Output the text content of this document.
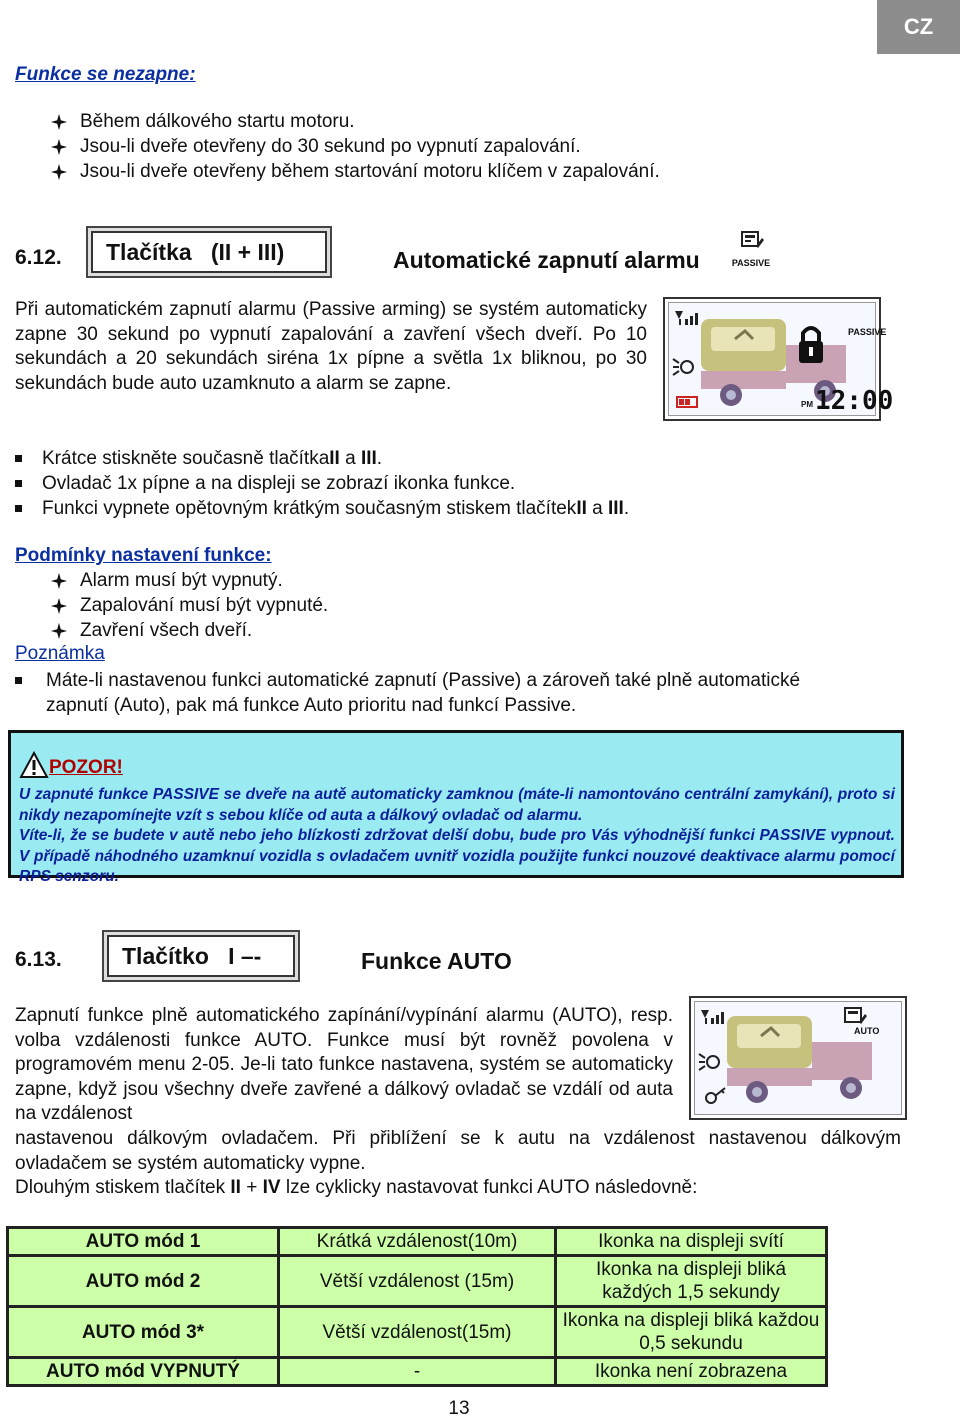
CZ
Funkce se nezapne:
Během dálkového startu motoru.
Jsou-li dveře otevřeny do 30 sekund po vypnutí zapalování.
Jsou-li dveře otevřeny během startování motoru klíčem v zapalování.
6.12. Tlačítka   (II + III)	Automatické zapnutí alarmu	PASSIVE
Při automatickém zapnutí alarmu (Passive arming) se systém automaticky zapne 30 sekund po vypnutí zapalování a zavření všech dveří. Po 10 sekundách a 20 sekundách siréna 1x pípne a světla 1x bliknou, po 30 sekundách bude auto uzamknuto a alarm se zapne.
PASSIVE
PM 12:00
Krátce stiskněte současně tlačítka II a III .
Ovladač 1x pípne a na displeji se zobrazí ikonka funkce.
Funkci vypnete opětovným krátkým současným stiskem tlačítek II a III .
Podmínky nastavení funkce:
Alarm musí být vypnutý.
Zapalování musí být vypnuté.
Zavření všech dveří.
Poznámka
Máte-li nastavenou funkci automatické zapnutí (Passive) a zároveň také plně automatické
zapnutí (Auto), pak má funkce Auto prioritu nad funkcí Passive.
POZOR!
U zapnuté funkce PASSIVE se dveře na autě automaticky zamknou (máte-li namontováno centrální zamykání), proto si nikdy nezapomínejte vzít s sebou klíče od auta a dálkový ovladač od alarmu.
Víte-li, že se budete v autě nebo jeho blízkosti zdržovat delší dobu, bude pro Vás výhodnější funkci PASSIVE vypnout. V případě náhodného uzamknuí vozidla s ovladačem uvnitř vozidla použijte funkci nouzové deaktivace alarmu pomocí RPS senzoru.
6.13.	Tlačítko   I –-	Funkce AUTO
Zapnutí funkce plně automatického zapínání/vypínání alarmu (AUTO), resp. volba vzdálenosti funkce AUTO. Funkce musí být rovněž povolena v programovém menu 2-05. Je-li tato funkce nastavena, systém se automaticky zapne, když jsou všechny dveře zavřené a dálkový ovladač se vzdálí od auta na vzdálenost
nastavenou dálkovým ovladačem. Při přiblížení se k autu na vzdálenost nastavenou dálkovým ovladačem se systém automaticky vypne.
Dlouhým stiskem tlačítek II + IV lze cyklicky nastavovat funkci AUTO následovně:
AUTO
AUTO mód 1	Krátká vzdálenost(10m)	Ikonka na displeji svítí
AUTO mód 2	Větší vzdálenost (15m)	Ikonka na displeji bliká každých 1,5 sekundy
AUTO mód 3*	Větší vzdálenost(15m)	Ikonka na displeji bliká každou 0,5 sekundu
AUTO mód VYPNUTÝ	-	Ikonka není zobrazena
13
